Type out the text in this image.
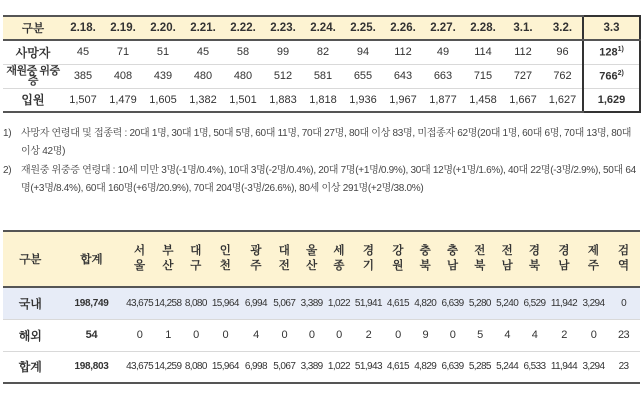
구분	2.18.	2.19.	2.20.	2.21.	2.22.	2.23.	2.24.	2.25.	2.26.	2.27.	2.28.	3.1.	3.2.	3.3
사망자	45	71	51	45	58	99	82	94	112	49	114	112	96	128$^{1)}$
재원중 위중증	385	408	439	480	480	512	581	655	643	663	715	727	762	766$^{2)}$
입원	1,507	1,479	1,605	1,382	1,501	1,883	1,818	1,936	1,967	1,877	1,458	1,667	1,627	1,629
1) 사망자 연령대 및 접종력 : 20대 1명, 30대 1명, 50대 5명, 60대 11명, 70대 27명, 80대 이상 83명, 미접종자 62명(20대 1명, 60대 6명, 70대 13명, 80대 이상 42명)
2) 재원중 위중증 연령대 : 10세 미만 3명(-1명/0.4%), 10대 3명(-2명/0.4%), 20대 7명(+1명/0.9%), 30대 12명(+1명/1.6%), 40대 22명(-3명/2.9%), 50대 64명(+3명/8.4%), 60대 160명(+6명/20.9%), 70대 204명(-3명/26.6%), 80세 이상 291명(+2명/38.0%)
구분	합계	서울	부산	대구	인천	광주	대전	울산	세종	경기	강원	충북	충남	전북	전남	경북	경남	제주	검역
국내	198,749	43,675	14,258	8,080	15,964	6,994	5,067	3,389	1,022	51,941	4,615	4,820	6,639	5,280	5,240	6,529	11,942	3,294	0
해외	54	0	1	0	0	4	0	0	0	2	0	9	0	5	4	4	2	0	23
합계	198,803	43,675	14,259	8,080	15,964	6,998	5,067	3,389	1,022	51,943	4,615	4,829	6,639	5,285	5,244	6,533	11,944	3,294	23
